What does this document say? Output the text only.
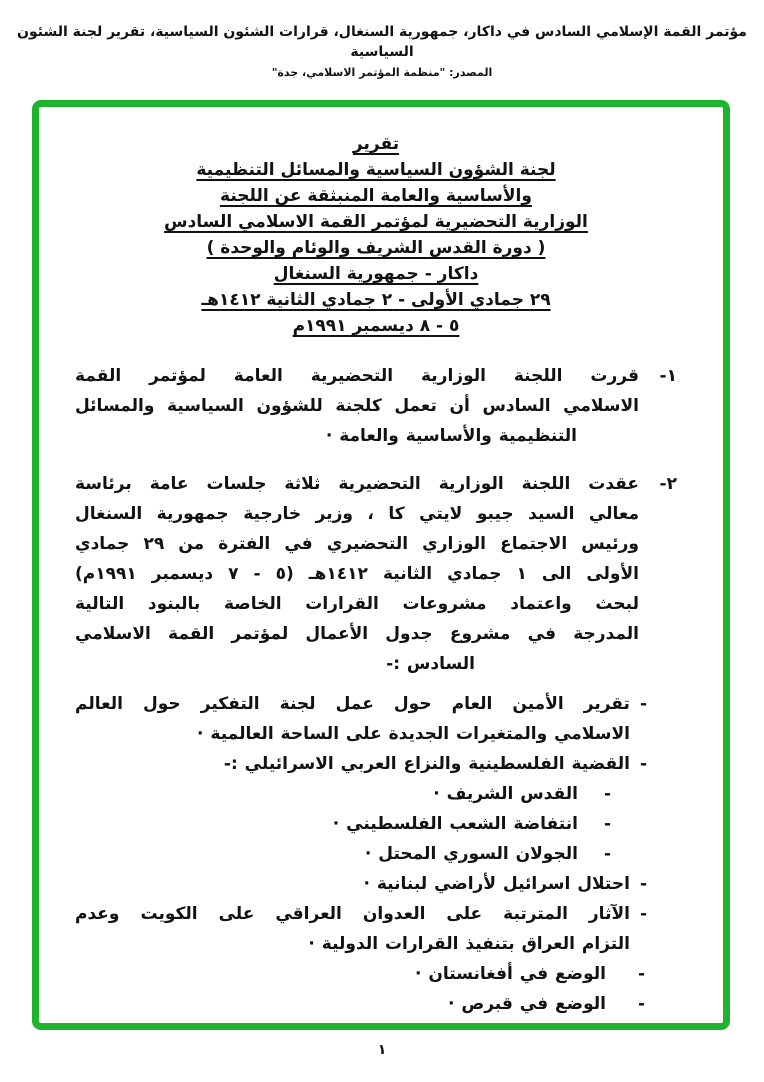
مؤتمر القمة الإسلامي السادس في داكار، جمهورية السنغال، قرارات الشئون السياسية، تقرير لجنة الشئون السياسية
المصدر: "منظمة المؤتمر الاسلامي، جدة"
تقرير
لجنة الشؤون السياسية والمسائل التنظيمية
والأساسية والعامة المنبثقة عن اللجنة
الوزارية التحضيرية لمؤتمر القمة الاسلامي السادس
( دورة القدس الشريف والوئام والوحدة )
داكار - جمهورية السنغال
٢٩ جمادي الأولى - ٢ جمادي الثانية ١٤١٢هـ
٥ - ٨ ديسمبر ١٩٩١م
١-
قررت اللجنة الوزارية التحضيرية العامة لمؤتمر القمة
الاسلامي السادس أن تعمل كلجنة للشؤون السياسية والمسائل
التنظيمية والأساسية والعامة ·
٢-
عقدت اللجنة الوزارية التحضيرية ثلاثة جلسات عامة برئاسة
معالي السيد جيبو لايتي كا ، وزير خارجية جمهورية السنغال
ورئيس الاجتماع الوزاري التحضيري في الفترة من ٢٩ جمادي
الأولى الى ١ جمادي الثانية ١٤١٢هـ (٥ - ٧ ديسمبر ١٩٩١م)
لبحث واعتماد مشروعات القرارات الخاصة بالبنود التالية
المدرجة في مشروع جدول الأعمال لمؤتمر القمة الاسلامي
السادس :-
-
تقرير الأمين العام حول عمل لجنة التفكير حول العالم
الاسلامي والمتغيرات الجديدة على الساحة العالمية ·
-
القضية الفلسطينية والنزاع العربي الاسرائيلي :-
-
القدس الشريف ·
-
انتفاضة الشعب الفلسطيني ·
-
الجولان السوري المحتل ·
-
احتلال اسرائيل لأراضي لبنانية ·
-
الآثار المترتبة على العدوان العراقي على الكويت وعدم
التزام العراق بتنفيذ القرارات الدولية ·
-
الوضع في أفغانستان ·
-
الوضع في قبرص ·
١
